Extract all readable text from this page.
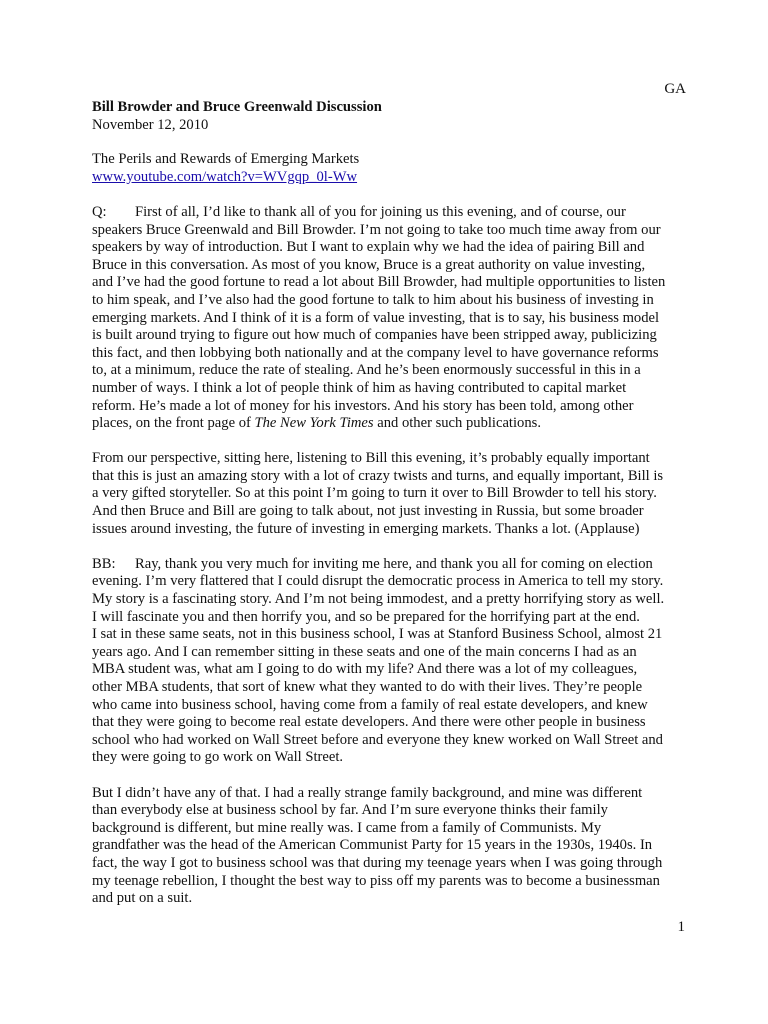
GA

Bill Browder and Bruce Greenwald Discussion

November 12, 2010

The Perils and Rewards of Emerging Markets

www.youtube.com/watch?v=WVgqp_0l-Ww

Q: First of all, I’d like to thank all of you for joining us this evening, and of course, our
speakers Bruce Greenwald and Bill Browder. I’m not going to take too much time away from our
speakers by way of introduction. But I want to explain why we had the idea of pairing Bill and
Bruce in this conversation. As most of you know, Bruce is a great authority on value investing,
and I’ve had the good fortune to read a lot about Bill Browder, had multiple opportunities to listen
to him speak, and I’ve also had the good fortune to talk to him about his business of investing in
emerging markets. And I think of it is a form of value investing, that is to say, his business model
is built around trying to figure out how much of companies have been stripped away, publicizing
this fact, and then lobbying both nationally and at the company level to have governance reforms
to, at a minimum, reduce the rate of stealing. And he’s been enormously successful in this in a
number of ways. I think a lot of people think of him as having contributed to capital market
reform. He’s made a lot of money for his investors. And his story has been told, among other
places, on the front page of The New York Times and other such publications.
From our perspective, sitting here, listening to Bill this evening, it’s probably equally important
that this is just an amazing story with a lot of crazy twists and turns, and equally important, Bill is
a very gifted storyteller. So at this point I’m going to turn it over to Bill Browder to tell his story.
And then Bruce and Bill are going to talk about, not just investing in Russia, but some broader
issues around investing, the future of investing in emerging markets. Thanks a lot. (Applause)
BB: Ray, thank you very much for inviting me here, and thank you all for coming on election
evening. I’m very flattered that I could disrupt the democratic process in America to tell my story.
My story is a fascinating story. And I’m not being immodest, and a pretty horrifying story as well.
I will fascinate you and then horrify you, and so be prepared for the horrifying part at the end.
I sat in these same seats, not in this business school, I was at Stanford Business School, almost 21
years ago. And I can remember sitting in these seats and one of the main concerns I had as an
MBA student was, what am I going to do with my life? And there was a lot of my colleagues,
other MBA students, that sort of knew what they wanted to do with their lives. They’re people
who came into business school, having come from a family of real estate developers, and knew
that they were going to become real estate developers. And there were other people in business
school who had worked on Wall Street before and everyone they knew worked on Wall Street and
they were going to go work on Wall Street.
But I didn’t have any of that. I had a really strange family background, and mine was different
than everybody else at business school by far. And I’m sure everyone thinks their family
background is different, but mine really was. I came from a family of Communists. My
grandfather was the head of the American Communist Party for 15 years in the 1930s, 1940s. In
fact, the way I got to business school was that during my teenage years when I was going through
my teenage rebellion, I thought the best way to piss off my parents was to become a businessman
and put on a suit.
1
